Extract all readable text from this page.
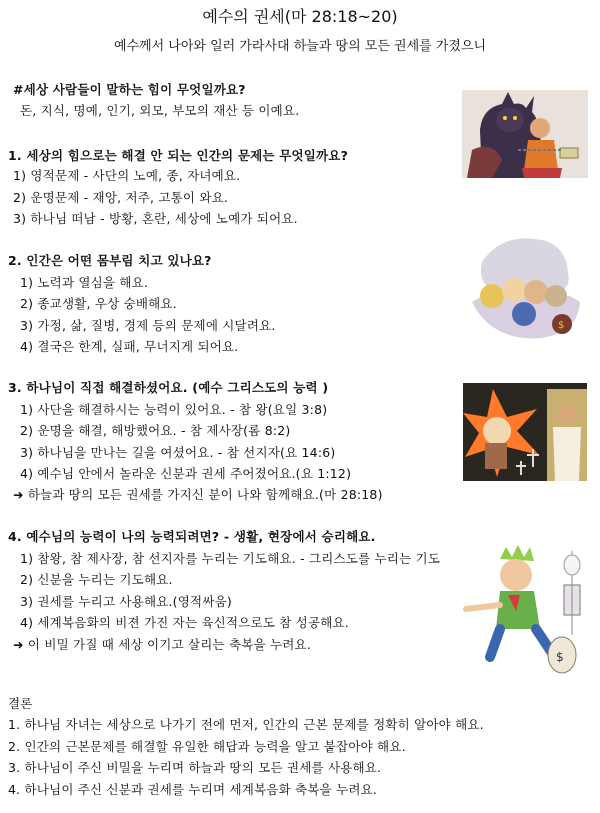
예수의 권세(마 28:18~20)
예수께서 나아와 일러 가라사대 하늘과 땅의 모든 권세를 가졌으니
#세상 사람들이 말하는 힘이 무엇일까요?
돈, 지식, 명예, 인기, 외모, 부모의 재산 등 이예요.
1. 세상의 힘으로는 해결 안 되는 인간의 문제는 무엇일까요?
1) 영적문제 - 사단의 노예, 종, 자녀예요.
2) 운명문제 - 재앙, 저주, 고통이 와요.
3) 하나님 떠남 - 방황, 혼란, 세상에 노예가 되어요.
2. 인간은 어떤 몸부림 치고 있나요?
1) 노력과 열심을 해요.
2) 종교생활, 우상 숭배해요.
3) 가정, 삶, 질병, 경제 등의 문제에 시달려요.
4) 결국은 한계, 실패, 무너지게 되어요.
3. 하나님이 직접 해결하셨어요. (예수 그리스도의 능력 )
1) 사단을 해결하시는 능력이 있어요. - 참 왕(요일 3:8)
2) 운명을 해결, 해방했어요. - 참 제사장(롬 8:2)
3) 하나님을 만나는 길을 여셨어요. - 참 선지자(요 14:6)
4) 예수님 안에서 놀라운 신분과 권세 주어졌어요.(요 1:12)
➜ 하늘과 땅의 모든 권세를 가지신 분이 나와 함께해요.(마 28:18)
4. 예수님의 능력이 나의 능력되려면? - 생활, 현장에서 승리해요.
1) 참왕, 참 제사장, 참 선지자를 누리는 기도해요. - 그리스도를 누리는 기도
2) 신분을 누리는 기도해요.
3) 권세를 누리고 사용해요.(영적싸움)
4) 세계복음화의 비젼 가진 자는 육신적으로도 참 성공해요.
➜ 이 비밀 가질 때 세상 이기고 살리는 축복을 누려요.
결론
1. 하나님 자녀는 세상으로 나가기 전에 먼저, 인간의 근본 문제를 정확히 알아야 해요.
2. 인간의 근본문제를 해결할 유일한 해답과 능력을 알고 붙잡아야 해요.
3. 하나님이 주신 비밀을 누리며 하늘과 땅의 모든 권세를 사용해요.
4. 하나님이 주신 신분과 권세를 누리며 세계복음화 축복을 누려요.
$
$
